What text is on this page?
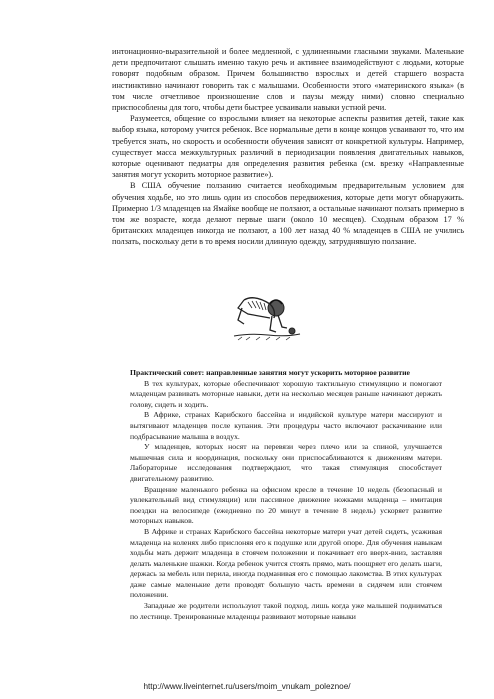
интонационно-выразительной и более медленной, с удлиненными гласными звуками. Маленькие дети предпочитают слышать именно такую речь и активнее взаимодействуют с людьми, которые говорят подобным образом. Причем большинство взрослых и детей старшего возраста инстинктивно начинают говорить так с малышами. Особенности этого «материнского языка» (в том числе отчетливое произношение слов и паузы между ними) словно специально приспособлены для того, чтобы дети быстрее усваивали навыки устной речи.

Разумеется, общение со взрослыми влияет на некоторые аспекты развития детей, такие как выбор языка, которому учится ребенок. Все нормальные дети в конце концов усваивают то, что им требуется знать, но скорость и особенности обучения зависят от конкретной культуры. Например, существует масса межкультурных различий в периодизации появления двигательных навыков, которые оценивают педиатры для определения развития ребенка (см. врезку «Направленные занятия могут ускорить моторное развитие»).

В США обучение ползанию считается необходимым предварительным условием для обучения ходьбе, но это лишь один из способов передвижения, которые дети могут обнаружить. Примерно 1/3 младенцев на Ямайке вообще не ползают, а остальные начинают ползать примерно в том же возрасте, когда делают первые шаги (около 10 месяцев). Сходным образом 17 % британских младенцев никогда не ползают, а 100 лет назад 40 % младенцев в США не учились ползать, поскольку дети в то время носили длинную одежду, затруднявшую ползание.

Практический совет: направленные занятия могут ускорить моторное развитие

В тех культурах, которые обеспечивают хорошую тактильную стимуляцию и помогают младенцам развивать моторные навыки, дети на несколько месяцев раньше начинают держать голову, сидеть и ходить.

В Африке, странах Карибского бассейна и индийской культуре матери массируют и вытягивают младенцев после купания. Эти процедуры часто включают раскачивание или подбрасывание малыша в воздух.

У младенцев, которых носят на перевязи через плечо или за спиной, улучшается мышечная сила и координация, поскольку они приспосабливаются к движениям матери. Лабораторные исследования подтверждают, что такая стимуляция способствует двигательному развитию.

Вращение маленького ребенка на офисном кресле в течение 10 недель (безопасный и увлекательный вид стимуляции) или пассивное движение ножками младенца – имитация поездки на велосипеде (ежедневно по 20 минут в течение 8 недель) ускоряет развитие моторных навыков.

В Африке и странах Карибского бассейна некоторые матери учат детей сидеть, усаживая младенца на коленях либо прислоняя его к подушке или другой опоре. Для обучения навыкам ходьбы мать держит младенца в стоячем положении и покачивает его вверх-вниз, заставляя делать маленькие шажки. Когда ребенок учится стоять прямо, мать поощряет его делать шаги, держась за мебель или перила, иногда подманивая его с помощью лакомства. В этих культурах даже самые маленькие дети проводят большую часть времени в сидячем или стоячем положении.

Западные же родители используют такой подход, лишь когда уже малышей подниматься по лестнице. Тренированные младенцы развивают моторные навыки

http://www.liveinternet.ru/users/moim_vnukam_poleznoe/
